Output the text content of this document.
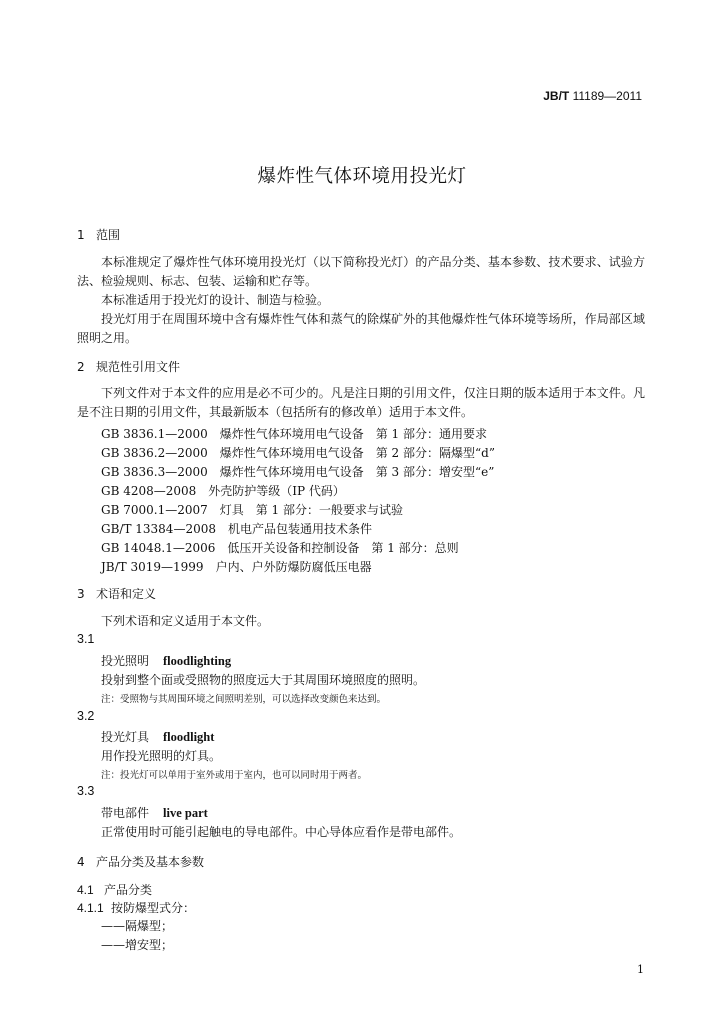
JB/T 11189—2011
爆炸性气体环境用投光灯
1 范围
本标准规定了爆炸性气体环境用投光灯（以下简称投光灯）的产品分类、基本参数、技术要求、试验方法、检验规则、标志、包装、运输和贮存等。
本标准适用于投光灯的设计、制造与检验。
投光灯用于在周围环境中含有爆炸性气体和蒸气的除煤矿外的其他爆炸性气体环境等场所，作局部区域照明之用。
2 规范性引用文件
下列文件对于本文件的应用是必不可少的。凡是注日期的引用文件，仅注日期的版本适用于本文件。凡是不注日期的引用文件，其最新版本（包括所有的修改单）适用于本文件。
GB 3836.1—2000　爆炸性气体环境用电气设备　第 1 部分：通用要求
GB 3836.2—2000　爆炸性气体环境用电气设备　第 2 部分：隔爆型“d”
GB 3836.3—2000　爆炸性气体环境用电气设备　第 3 部分：增安型“e”
GB 4208—2008　外壳防护等级（IP 代码）
GB 7000.1—2007　灯具　第 1 部分：一般要求与试验
GB/T 13384—2008　机电产品包装通用技术条件
GB 14048.1—2006　低压开关设备和控制设备　第 1 部分：总则
JB/T 3019—1999　户内、户外防爆防腐低压电器
3 术语和定义
下列术语和定义适用于本文件。
3.1
投光照明 floodlighting
投射到整个面或受照物的照度远大于其周围环境照度的照明。
注：受照物与其周围环境之间照明差别，可以选择改变颜色来达到。
3.2
投光灯具 floodlight
用作投光照明的灯具。
注：投光灯可以单用于室外或用于室内，也可以同时用于两者。
3.3
带电部件 live part
正常使用时可能引起触电的导电部件。中心导体应看作是带电部件。
4 产品分类及基本参数
4.1 产品分类
4.1.1 按防爆型式分：
——隔爆型；
——增安型；
1
